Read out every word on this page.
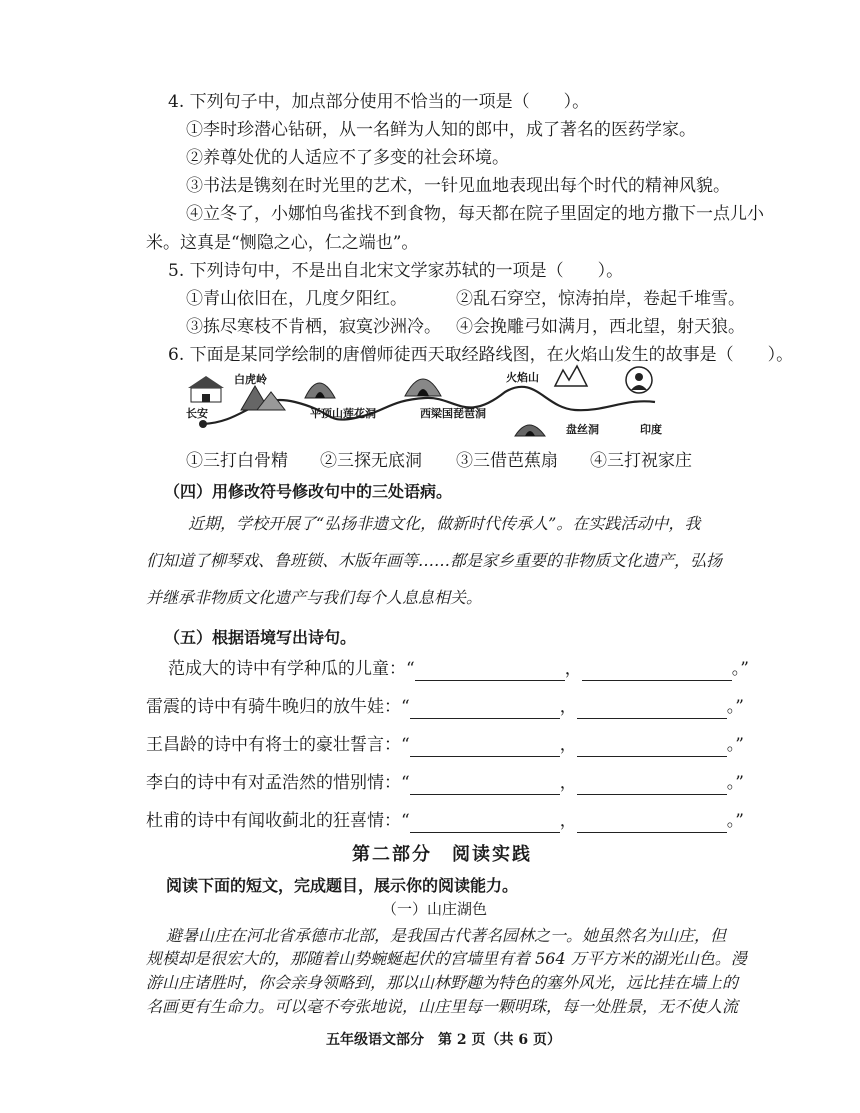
4. 下列句子中，加点部分使用不恰当的一项是（　　）。
①李时珍潜心钻研，从一名鲜为人知的郎中，成了著名的医药学家。
②养尊处优的人适应不了多变的社会环境。
③书法是镌刻在时光里的艺术，一针见血地表现出每个时代的精神风貌。
④立冬了，小娜怕鸟雀找不到食物，每天都在院子里固定的地方撒下一点儿小
米。这真是“恻隐之心，仁之端也”。
5. 下列诗句中，不是出自北宋文学家苏轼的一项是（　　）。
①青山依旧在，几度夕阳红。	②乱石穿空，惊涛拍岸，卷起千堆雪。
③拣尽寒枝不肯栖，寂寞沙洲冷。 ④会挽雕弓如满月，西北望，射天狼。
6. 下面是某同学绘制的唐僧师徒西天取经路线图，在火焰山发生的故事是（　　）。
长安
白虎岭
平顶山莲花洞	西梁国琵琶洞
火焰山
盘丝洞	印度
①三打白骨精 ②三探无底洞 ③三借芭蕉扇 ④三打祝家庄
（四）用修改符号修改句中的三处语病。
近期，学校开展了“弘扬非遗文化，做新时代传承人”。在实践活动中，我
们知道了柳琴戏、鲁班锁、木版年画等……都是家乡重要的非物质文化遗产，弘扬
并继承非物质文化遗产与我们每个人息息相关。
（五）根据语境写出诗句。
范成大的诗中有学种瓜的儿童：“	，	。”
雷震的诗中有骑牛晚归的放牛娃：“	，	。”
王昌龄的诗中有将士的豪壮誓言：“	，	。”
李白的诗中有对孟浩然的惜别情：“	，	。”
杜甫的诗中有闻收蓟北的狂喜情：“	，	。”
第二部分　阅读实践
阅读下面的短文，完成题目，展示你的阅读能力。
（一）山庄湖色
避暑山庄在河北省承德市北部，是我国古代著名园林之一。她虽然名为山庄，但
规模却是很宏大的，那随着山势蜿蜒起伏的宫墙里有着 564 万平方米的湖光山色。漫
游山庄诸胜时，你会亲身领略到，那以山林野趣为特色的塞外风光，远比挂在墙上的
名画更有生命力。可以毫不夸张地说，山庄里每一颗明珠，每一处胜景，无不使人流
五年级语文部分　第 2 页（共 6 页）
